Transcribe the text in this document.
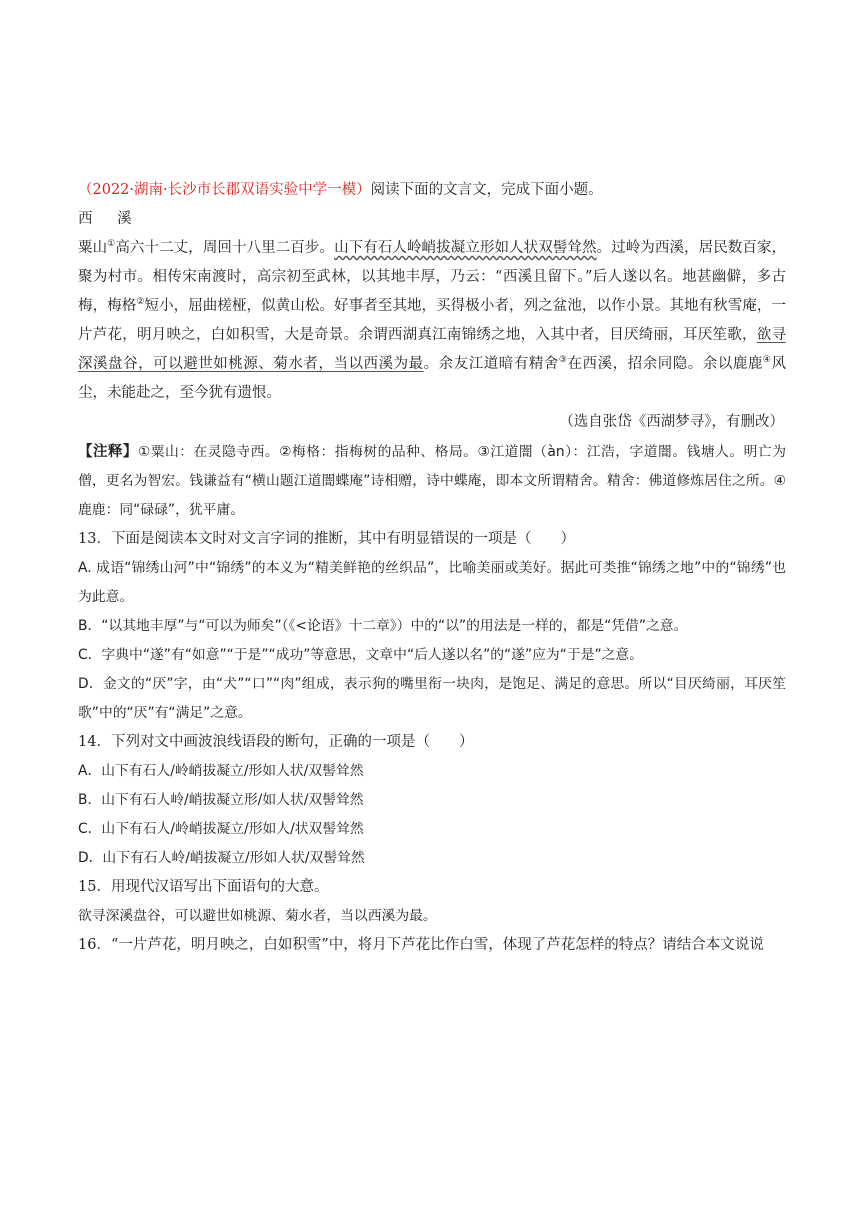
（2022·湖南·长沙市长郡双语实验中学一模）阅读下面的文言文，完成下面小题。
西 溪
粟山①高六十二丈，周回十八里二百步。山下有石人岭峭拔凝立形如人状双髻耸然。过岭为西溪，居民数百家，聚为村市。相传宋南渡时，高宗初至武林，以其地丰厚，乃云：“西溪且留下。”后人遂以名。地甚幽僻，多古梅，梅格②短小，屈曲槎桠，似黄山松。好事者至其地，买得极小者，列之盆池，以作小景。其地有秋雪庵，一片芦花，明月映之，白如积雪，大是奇景。余谓西湖真江南锦绣之地，入其中者，目厌绮丽，耳厌笙歌，欲寻深溪盘谷，可以避世如桃源、菊水者，当以西溪为最。余友江道暗有精舍③在西溪，招余同隐。余以鹿鹿④风尘，未能赴之，至今犹有遗恨。
（选自张岱《西湖梦寻》，有删改）
【注释】①粟山：在灵隐寺西。②梅格：指梅树的品种、格局。③江道闇（àn）：江浩，字道闇。钱塘人。明亡为僧，更名为智宏。钱谦益有“横山题江道闇蝶庵”诗相赠，诗中蝶庵，即本文所谓精舍。精舍：佛道修炼居住之所。④鹿鹿：同“碌碌”，犹平庸。
13．下面是阅读本文时对文言字词的推断，其中有明显错误的一项是（　　）
A. 成语“锦绣山河”中“锦绣”的本义为“精美鲜艳的丝织品”，比喻美丽或美好。据此可类推“锦绣之地”中的“锦绣”也为此意。
B．“以其地丰厚”与“可以为师矣”（《<论语》十二章》）中的“以”的用法是一样的，都是“凭借”之意。
C．字典中“遂”有“如意”“于是”“成功”等意思，文章中“后人遂以名”的“遂”应为“于是”之意。
D．金文的“厌”字，由“犬”“口”“肉”组成，表示狗的嘴里衔一块肉，是饱足、满足的意思。所以“目厌绮丽，耳厌笙歌”中的“厌”有“满足”之意。
14．下列对文中画波浪线语段的断句，正确的一项是（　　）
A．山下有石人/岭峭拔凝立/形如人状/双髻耸然
B．山下有石人岭/峭拔凝立形/如人状/双髻耸然
C．山下有石人/岭峭拔凝立/形如人/状双髻耸然
D．山下有石人岭/峭拔凝立/形如人状/双髻耸然
15．用现代汉语写出下面语句的大意。
欲寻深溪盘谷，可以避世如桃源、菊水者，当以西溪为最。
16．“一片芦花，明月映之，白如积雪”中，将月下芦花比作白雪，体现了芦花怎样的特点？请结合本文说说
